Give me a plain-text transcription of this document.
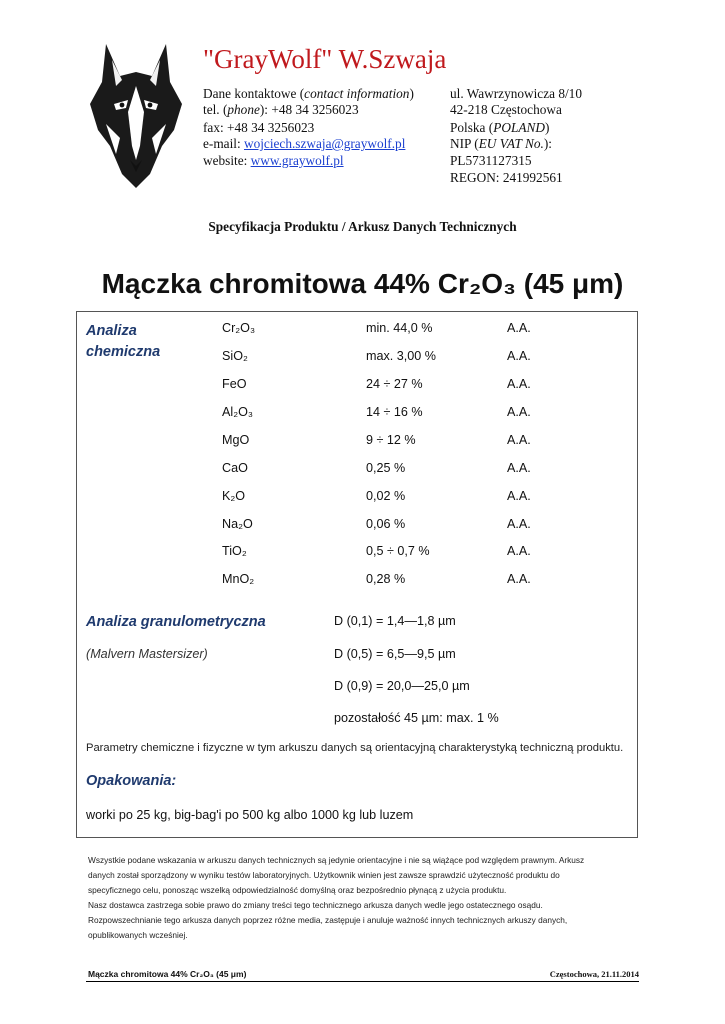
"GrayWolf" W.Szwaja
Dane kontaktowe (contact information)
tel. (phone): +48 34 3256023
fax: +48 34 3256023
e-mail: wojciech.szwaja@graywolf.pl
website: www.graywolf.pl
ul. Wawrzynowicza 8/10
42-218 Częstochowa
Polska (POLAND)
NIP (EU VAT No.):
PL5731127315
REGON: 241992561
Specyfikacja Produktu / Arkusz Danych Technicznych
Mączka chromitowa 44% Cr₂O₃ (45 μm)
Analiza
chemiczna
Cr₂O₃	min. 44,0 %	A.A.
SiO₂	max. 3,00 %	A.A.
FeO	24 ÷ 27 %	A.A.
Al₂O₃	14 ÷ 16 %	A.A.
MgO	9 ÷ 12 %	A.A.
CaO	0,25 %	A.A.
K₂O	0,02 %	A.A.
Na₂O	0,06 %	A.A.
TiO₂	0,5 ÷ 0,7 %	A.A.
MnO₂	0,28 %	A.A.
Analiza granulometryczna
(Malvern Mastersizer)
D (0,1) = 1,4—1,8 µm
D (0,5) = 6,5—9,5 µm
D (0,9) = 20,0—25,0 µm
pozostałość 45 µm: max. 1 %
Parametry chemiczne i fizyczne w tym arkuszu danych są orientacyjną charakterystyką techniczną produktu.
Opakowania:
worki po 25 kg, big-bag'i po 500 kg albo 1000 kg lub luzem
Wszystkie podane wskazania w arkuszu danych technicznych są jedynie orientacyjne i nie są wiążące pod względem prawnym. Arkusz
danych został sporządzony w wyniku testów laboratoryjnych. Użytkownik winien jest zawsze sprawdzić użyteczność produktu do
specyficznego celu, ponosząc wszelką odpowiedzialność domyślną oraz bezpośrednio płynącą z użycia produktu.
Nasz dostawca zastrzega sobie prawo do zmiany treści tego technicznego arkusza danych wedle jego ostatecznego osądu.
Rozpowszechnianie tego arkusza danych poprzez różne media, zastępuje i anuluje ważność innych technicznych arkuszy danych,
opublikowanych wcześniej.
Mączka chromitowa 44% Cr₂O₃ (45 μm)	Częstochowa, 21.11.2014
